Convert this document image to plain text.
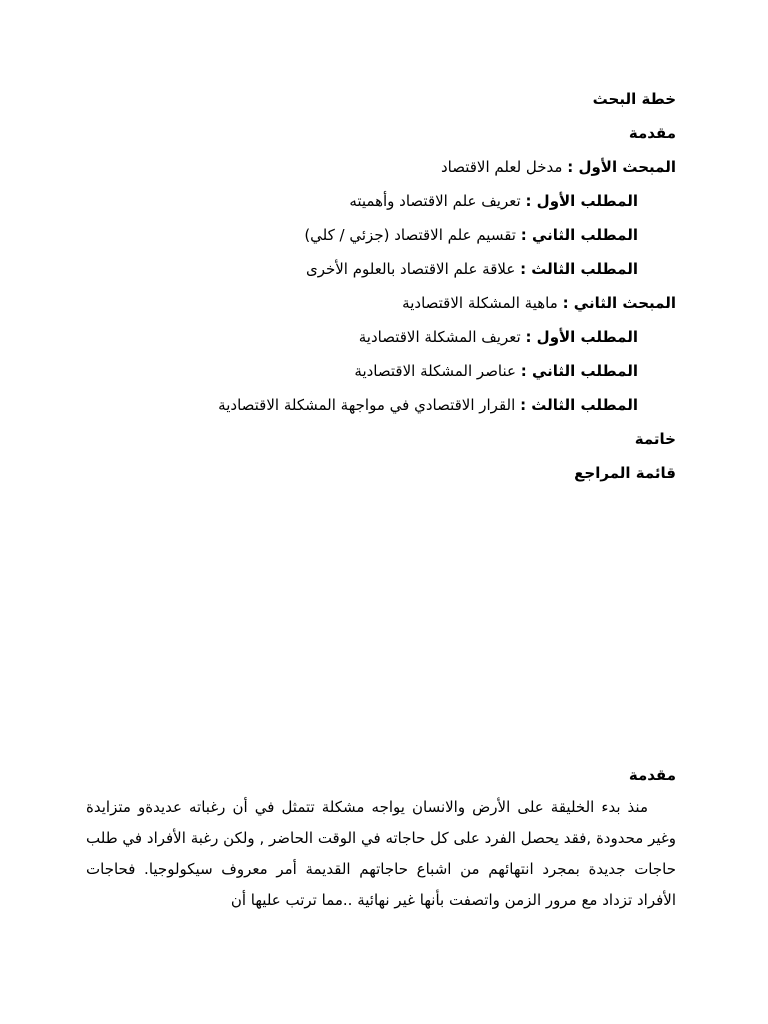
خطة البحث
مقدمة
المبحث الأول : مدخل لعلم الاقتصاد
المطلب الأول : تعريف علم الاقتصاد وأهميته
المطلب الثاني : تقسيم علم الاقتصاد (جزئي / كلي)
المطلب الثالث : علاقة علم الاقتصاد بالعلوم الأخرى
المبحث الثاني : ماهية المشكلة الاقتصادية
المطلب الأول : تعريف المشكلة الاقتصادية
المطلب الثاني : عناصر المشكلة الاقتصادية
المطلب الثالث : القرار الاقتصادي في مواجهة المشكلة الاقتصادية
خاتمة
قائمة المراجع
مقدمة
منذ بدء الخليقة على الأرض والانسان يواجه مشكلة تتمثل في أن رغباته عديدةو متزايدة وغير محدودة ,فقد يحصل الفرد على كل حاجاته في الوقت الحاضر , ولكن رغبة الأفراد في طلب حاجات جديدة بمجرد انتهائهم من اشباع حاجاتهم القديمة أمر معروف سيكولوجيا. فحاجات الأفراد تزداد مع مرور الزمن واتصفت بأنها غير نهائية ..مما ترتب عليها أن
